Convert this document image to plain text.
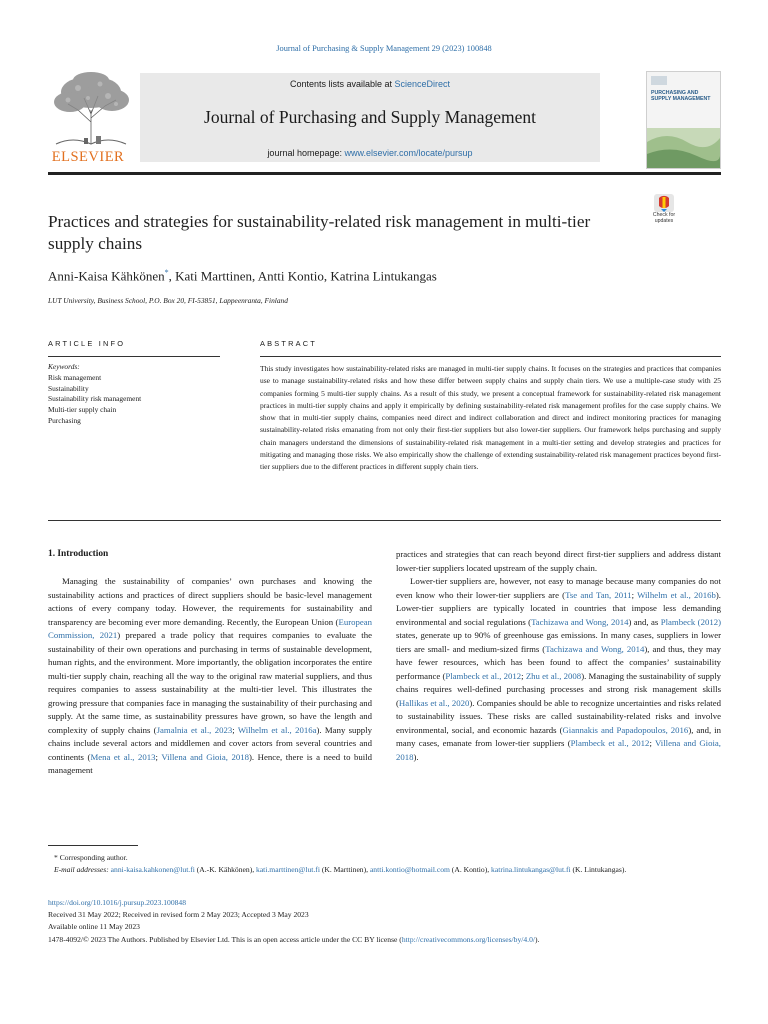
Journal of Purchasing & Supply Management 29 (2023) 100848
ELSEVIER
Contents lists available at ScienceDirect
Journal of Purchasing and Supply Management
journal homepage: www.elsevier.com/locate/pursup
PURCHASING AND SUPPLY MANAGEMENT
Check for updates
Practices and strategies for sustainability-related risk management in multi-tier supply chains
Anni-Kaisa Kähkönen*, Kati Marttinen, Antti Kontio, Katrina Lintukangas
LUT University, Business School, P.O. Box 20, FI-53851, Lappeenranta, Finland
ARTICLE INFO
Keywords:
Risk management
Sustainability
Sustainability risk management
Multi-tier supply chain
Purchasing
ABSTRACT
This study investigates how sustainability-related risks are managed in multi-tier supply chains. It focuses on the strategies and practices that companies use to manage sustainability-related risks and how these differ between supply chains and supply chain tiers. We use a multiple-case study with 25 companies forming 5 multi-tier supply chains. As a result of this study, we present a conceptual framework for sustainability-related risk management practices in multi-tier supply chains and apply it empirically by defining sustainability-related risk management profiles for the case supply chains. We show that in multi-tier supply chains, companies need direct and indirect collaboration and direct and indirect monitoring practices for managing sustainability-related risks emanating from not only their first-tier suppliers but also lower-tier suppliers. Our framework helps purchasing and supply chain managers understand the dimensions of sustainability-related risk management in a multi-tier setting and develop strategies and practices for mitigating and managing those risks. We also empirically show the challenge of extending sustainability-related risk management practices beyond first-tier suppliers due to the different practices in different supply chain tiers.
1. Introduction

Managing the sustainability of companies’ own purchases and knowing the sustainability actions and practices of direct suppliers should be basic-level management actions of every company today. However, the requirements for sustainability and transparency are becoming ever more demanding. Recently, the European Union (European Commission, 2021) prepared a trade policy that requires companies to evaluate the sustainability of their own operations and purchasing in terms of sustainable development, human rights, and the environment. More importantly, the obligation incorporates the entire multi-tier supply chain, reaching all the way to the original raw material suppliers, and thus requires companies to assess sustainability at the multi-tier level. This illustrates the growing pressure that companies face in managing the sustainability of their purchasing and supply. At the same time, as sustainability pressures have grown, so have the length and complexity of supply chains (Jamalnia et al., 2023; Wilhelm et al., 2016a). Many supply chains include several actors and middlemen and cover actors from several countries and continents (Mena et al., 2013; Villena and Gioia, 2018). Hence, there is a need to build management

practices and strategies that can reach beyond direct first-tier suppliers and address distant lower-tier suppliers located upstream of the supply chain.

Lower-tier suppliers are, however, not easy to manage because many companies do not even know who their lower-tier suppliers are (Tse and Tan, 2011; Wilhelm et al., 2016b). Lower-tier suppliers are typically located in countries that impose less demanding environmental and social regulations (Tachizawa and Wong, 2014) and, as Plambeck (2012) states, generate up to 90% of greenhouse gas emissions. In many cases, suppliers in lower tiers are small- and medium-sized firms (Tachizawa and Wong, 2014), and thus, they may have fewer resources, which has been found to affect the companies’ sustainability performance (Plambeck et al., 2012; Zhu et al., 2008). Managing the sustainability of supply chains requires well-defined purchasing processes and strong risk management skills (Hallikas et al., 2020). Companies should be able to recognize uncertainties and risks related to sustainability issues. These risks are called sustainability-related risks and involve environmental, social, and economic hazards (Giannakis and Papadopoulos, 2016), and, in many cases, emanate from lower-tier suppliers (Plambeck et al., 2012; Villena and Gioia, 2018).

* Corresponding author.
E-mail addresses: anni-kaisa.kahkonen@lut.fi (A.-K. Kähkönen), kati.marttinen@lut.fi (K. Marttinen), antti.kontio@hotmail.com (A. Kontio), katrina.lintukangas@lut.fi (K. Lintukangas).
https://doi.org/10.1016/j.pursup.2023.100848
Received 31 May 2022; Received in revised form 2 May 2023; Accepted 3 May 2023
Available online 11 May 2023
1478-4092/© 2023 The Authors. Published by Elsevier Ltd. This is an open access article under the CC BY license (http://creativecommons.org/licenses/by/4.0/).
